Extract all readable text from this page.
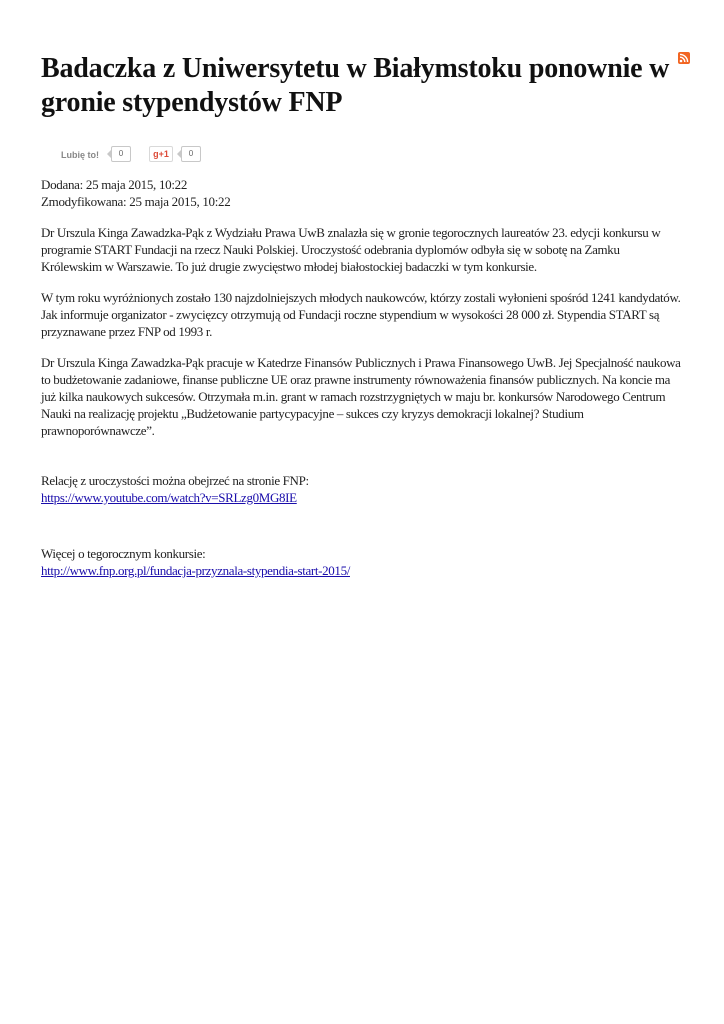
Badaczka z Uniwersytetu w Białymstoku ponownie w gronie stypendystów FNP
Lubię to!	0	g+1	0
Dodana: 25 maja 2015, 10:22
Zmodyfikowana: 25 maja 2015, 10:22

Dr Urszula Kinga Zawadzka-Pąk z Wydziału Prawa UwB znalazła się w gronie tegorocznych laureatów 23. edycji konkursu w programie START Fundacji na rzecz Nauki Polskiej. Uroczystość odebrania dyplomów odbyła się w sobotę na Zamku Królewskim w Warszawie. To już drugie zwycięstwo młodej białostockiej badaczki w tym konkursie.

W tym roku wyróżnionych zostało 130 najzdolniejszych młodych naukowców, którzy zostali wyłonieni spośród 1241 kandydatów. Jak informuje organizator - zwycięzcy otrzymują od Fundacji roczne stypendium w wysokości 28 000 zł. Stypendia START są przyznawane przez FNP od 1993 r.

Dr Urszula Kinga Zawadzka-Pąk pracuje w Katedrze Finansów Publicznych i Prawa Finansowego UwB. Jej Specjalność naukowa to budżetowanie zadaniowe, finanse publiczne UE oraz prawne instrumenty równoważenia finansów publicznych. Na koncie ma już kilka naukowych sukcesów. Otrzymała m.in. grant w ramach rozstrzygniętych w maju br. konkursów Narodowego Centrum Nauki na realizację projektu „Budżetowanie partycypacyjne – sukces czy kryzys demokracji lokalnej? Studium prawnoporównawcze”.

Relację z uroczystości można obejrzeć na stronie FNP:
https://www.youtube.com/watch?v=SRLzg0MG8IE
Więcej o tegorocznym konkursie:
http://www.fnp.org.pl/fundacja-przyznala-stypendia-start-2015/
